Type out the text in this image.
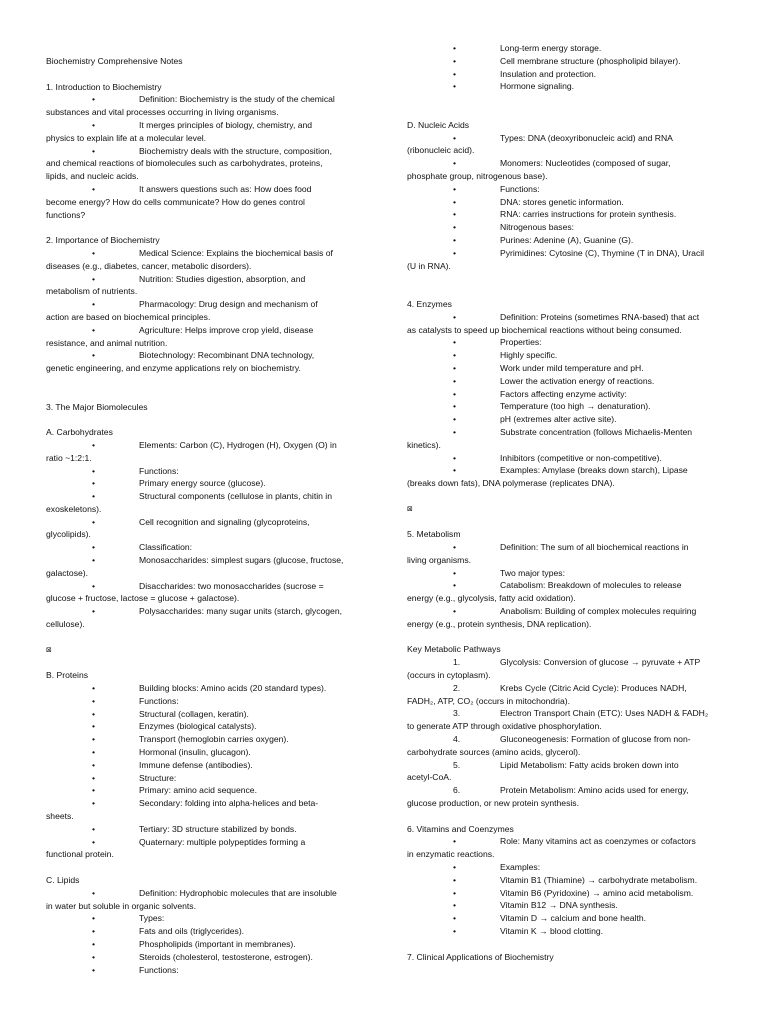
Biochemistry Comprehensive Notes
1. Introduction to Biochemistry
•	Definition: Biochemistry is the study of the chemical
substances and vital processes occurring in living organisms.
•	It merges principles of biology, chemistry, and
physics to explain life at a molecular level.
•	Biochemistry deals with the structure, composition,
and chemical reactions of biomolecules such as carbohydrates, proteins,
lipids, and nucleic acids.
•	It answers questions such as: How does food
become energy? How do cells communicate? How do genes control
functions?
2. Importance of Biochemistry
•	Medical Science: Explains the biochemical basis of
diseases (e.g., diabetes, cancer, metabolic disorders).
•	Nutrition: Studies digestion, absorption, and
metabolism of nutrients.
•	Pharmacology: Drug design and mechanism of
action are based on biochemical principles.
•	Agriculture: Helps improve crop yield, disease
resistance, and animal nutrition.
•	Biotechnology: Recombinant DNA technology,
genetic engineering, and enzyme applications rely on biochemistry.
3. The Major Biomolecules
A. Carbohydrates
•	Elements: Carbon (C), Hydrogen (H), Oxygen (O) in
ratio ~1:2:1.
•	Functions:
•	Primary energy source (glucose).
•	Structural components (cellulose in plants, chitin in
exoskeletons).
•	Cell recognition and signaling (glycoproteins,
glycolipids).
•	Classification:
•	Monosaccharides: simplest sugars (glucose, fructose,
galactose).
•	Disaccharides: two monosaccharides (sucrose =
glucose + fructose, lactose = glucose + galactose).
•	Polysaccharides: many sugar units (starch, glycogen,
cellulose).
⊠
B. Proteins
•	Building blocks: Amino acids (20 standard types).
•	Functions:
•	Structural (collagen, keratin).
•	Enzymes (biological catalysts).
•	Transport (hemoglobin carries oxygen).
•	Hormonal (insulin, glucagon).
•	Immune defense (antibodies).
•	Structure:
•	Primary: amino acid sequence.
•	Secondary: folding into alpha-helices and beta-
sheets.
•	Tertiary: 3D structure stabilized by bonds.
•	Quaternary: multiple polypeptides forming a
functional protein.
C. Lipids
•	Definition: Hydrophobic molecules that are insoluble
in water but soluble in organic solvents.
•	Types:
•	Fats and oils (triglycerides).
•	Phospholipids (important in membranes).
•	Steroids (cholesterol, testosterone, estrogen).
•	Functions:
•	Long-term energy storage.
•	Cell membrane structure (phospholipid bilayer).
•	Insulation and protection.
•	Hormone signaling.
D. Nucleic Acids
•	Types: DNA (deoxyribonucleic acid) and RNA
(ribonucleic acid).
•	Monomers: Nucleotides (composed of sugar,
phosphate group, nitrogenous base).
•	Functions:
•	DNA: stores genetic information.
•	RNA: carries instructions for protein synthesis.
•	Nitrogenous bases:
•	Purines: Adenine (A), Guanine (G).
•	Pyrimidines: Cytosine (C), Thymine (T in DNA), Uracil
(U in RNA).
4. Enzymes
•	Definition: Proteins (sometimes RNA-based) that act
as catalysts to speed up biochemical reactions without being consumed.
•	Properties:
•	Highly specific.
•	Work under mild temperature and pH.
•	Lower the activation energy of reactions.
•	Factors affecting enzyme activity:
•	Temperature (too high → denaturation).
•	pH (extremes alter active site).
•	Substrate concentration (follows Michaelis-Menten
kinetics).
•	Inhibitors (competitive or non-competitive).
•	Examples: Amylase (breaks down starch), Lipase
(breaks down fats), DNA polymerase (replicates DNA).
⊠
5. Metabolism
•	Definition: The sum of all biochemical reactions in
living organisms.
•	Two major types:
•	Catabolism: Breakdown of molecules to release
energy (e.g., glycolysis, fatty acid oxidation).
•	Anabolism: Building of complex molecules requiring
energy (e.g., protein synthesis, DNA replication).
Key Metabolic Pathways
1.	Glycolysis: Conversion of glucose → pyruvate + ATP
(occurs in cytoplasm).
2.	Krebs Cycle (Citric Acid Cycle): Produces NADH,
FADH₂, ATP, CO₂ (occurs in mitochondria).
3.	Electron Transport Chain (ETC): Uses NADH & FADH₂
to generate ATP through oxidative phosphorylation.
4.	Gluconeogenesis: Formation of glucose from non-
carbohydrate sources (amino acids, glycerol).
5.	Lipid Metabolism: Fatty acids broken down into
acetyl-CoA.
6.	Protein Metabolism: Amino acids used for energy,
glucose production, or new protein synthesis.
6. Vitamins and Coenzymes
•	Role: Many vitamins act as coenzymes or cofactors
in enzymatic reactions.
•	Examples:
•	Vitamin B1 (Thiamine) → carbohydrate metabolism.
•	Vitamin B6 (Pyridoxine) → amino acid metabolism.
•	Vitamin B12 → DNA synthesis.
•	Vitamin D → calcium and bone health.
•	Vitamin K → blood clotting.
7. Clinical Applications of Biochemistry
